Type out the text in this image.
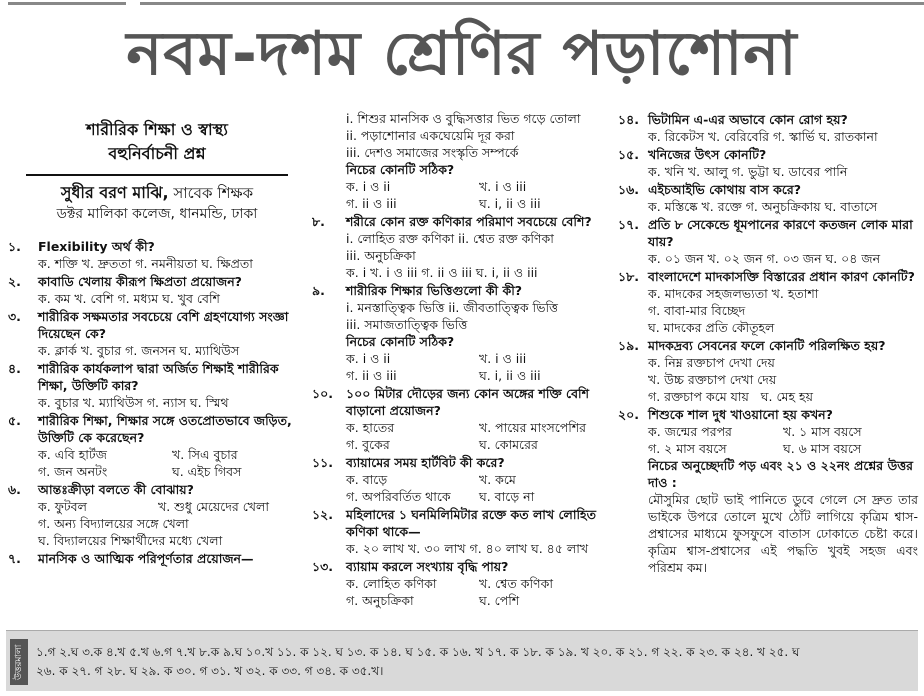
নবম-দশম শ্রেণির পড়াশোনা
শারীরিক শিক্ষা ও স্বাস্থ্য
বহুনির্বাচনী প্রশ্ন
সুধীর বরণ মাঝি, সাবেক শিক্ষক
ডক্টর মালিকা কলেজ, ধানমন্ডি, ঢাকা
১.	Flexibility অর্থ কী?
ক. শক্তি খ. দ্রুততা গ. নমনীয়তা ঘ. ক্ষিপ্রতা
২.	কাবাডি খেলায় কীরূপ ক্ষিপ্রতা প্রয়োজন?
ক. কম খ. বেশি গ. মধ্যম ঘ. খুব বেশি
৩.	শারীরিক সক্ষমতার সবচেয়ে বেশি গ্রহণযোগ্য সংজ্ঞা দিয়েছেন কে?
ক. ক্লার্ক খ. বুচার গ. জনসন ঘ. ম্যাথিউস
৪.	শারীরিক কার্যকলাপ দ্বারা অর্জিত শিক্ষাই শারীরিক শিক্ষা, উক্তিটি কার?
ক. বুচার খ. ম্যাথিউস গ. ন্যাস ঘ. স্মিথ
৫.	শারীরিক শিক্ষা, শিক্ষার সঙ্গে ওতপ্রোতভাবে জড়িত, উক্তিটি কে করেছেন?
ক. এবি হার্টজ	খ. সিএ বুচার
গ. জন অনটং	ঘ. এইচ গিবস
৬.	আন্তঃক্রীড়া বলতে কী বোঝায়?
ক. ফুটবল	খ. শুধু মেয়েদের খেলা
গ. অন্য বিদ্যালয়ের সঙ্গে খেলা
ঘ. বিদ্যালয়ের শিক্ষার্থীদের মধ্যে খেলা
৭.	মানসিক ও আত্মিক পরিপূর্ণতার প্রয়োজন—
i. শিশুর মানসিক ও বুদ্ধিসত্তার ভিত গড়ে তোলা
ii. পড়াশোনার একঘেয়েমি দূর করা
iii. দেশও সমাজের সংস্কৃতি সম্পর্কে
নিচের কোনটি সঠিক?
ক. i ও ii	খ. i ও iii
গ. ii ও iii	ঘ. i, ii ও iii
৮.	শরীরে কোন রক্ত কণিকার পরিমাণ সবচেয়ে বেশি?
i. লোহিত রক্ত কণিকা ii. শ্বেত রক্ত কণিকা
iii. অনুচক্রিকা
ক. i খ. i ও iii গ. ii ও iii ঘ. i, ii ও iii
৯.	শারীরিক শিক্ষার ভিত্তিগুলো কী কী?
i. মনস্তাত্ত্বিক ভিত্তি ii. জীবতাত্ত্বিক ভিত্তি
iii. সমাজতাত্ত্বিক ভিত্তি
নিচের কোনটি সঠিক?
ক. i ও ii	খ. i ও iii
গ. ii ও iii	ঘ. i, ii ও iii
১০.	১০০ মিটার দৌড়ের জন্য কোন অঙ্গের শক্তি বেশি বাড়ানো প্রয়োজন?
ক. হাতের	খ. পায়ের মাংসপেশির
গ. বুকের	ঘ. কোমরের
১১.	ব্যায়ামের সময় হার্টবিট কী করে?
ক. বাড়ে	খ. কমে
গ. অপরিবর্তিত থাকে	ঘ. বাড়ে না
১২.	মহিলাদের ১ ঘনমিলিমিটার রক্তে কত লাখ লোহিত কণিকা থাকে—
ক. ২০ লাখ খ. ৩০ লাখ গ. ৪০ লাখ ঘ. ৪৫ লাখ
১৩.	ব্যায়াম করলে সংখ্যায় বৃদ্ধি পায়?
ক. লোহিত কণিকা	খ. শ্বেত কণিকা
গ. অনুচক্রিকা	ঘ. পেশি
১৪. ভিটামিন এ-এর অভাবে কোন রোগ হয়?
ক. রিকেটস খ. বেরিবেরি গ. স্কার্ভি ঘ. রাতকানা
১৫. খনিজের উৎস কোনটি?
ক. খনি খ. আলু গ. ভুট্টা ঘ. ডাবের পানি
১৬. এইচআইভি কোথায় বাস করে?
ক. মস্তিষ্কে খ. রক্তে গ. অনুচক্রিকায় ঘ. বাতাসে
১৭. প্রতি ৮ সেকেন্ডে ধূমপানের কারণে কতজন লোক মারা যায়?
ক. ০১ জন খ. ০২ জন গ. ০৩ জন ঘ. ০৪ জন
১৮. বাংলাদেশে মাদকাসক্তি বিস্তারের প্রধান কারণ কোনটি?
ক. মাদকের সহজলভ্যতা খ. হতাশা
গ. বাবা-মার বিচ্ছেদ
ঘ. মাদকের প্রতি কৌতূহল
১৯. মাদকদ্রব্য সেবনের ফলে কোনটি পরিলক্ষিত হয়?
ক. নিম্ন রক্তচাপ দেখা দেয়
খ. উচ্চ রক্তচাপ দেখা দেয়
গ. রক্তচাপ কমে যায়   ঘ. মেহ হয়
২০. শিশুকে শাল দুধ খাওয়ানো হয় কখন?
ক. জন্মের পরপর	খ. ১ মাস বয়সে
গ. ২ মাস বয়সে	ঘ. ৬ মাস বয়সে
নিচের অনুচ্ছেদটি পড় এবং ২১ ও ২২নং প্রশ্নের উত্তর দাও :
মৌসুমির ছোট ভাই পানিতে ডুবে গেলে সে দ্রুত তার ভাইকে উপরে তোলে মুখে ঠোঁট লাগিয়ে কৃত্রিম শ্বাস-প্রশ্বাসের মাধ্যমে ফুসফুসে বাতাস ঢোকাতে চেষ্টা করে। কৃত্রিম শ্বাস-প্রশ্বাসের এই পদ্ধতি খুবই সহজ এবং পরিশ্রম কম।
উত্তরমালা	১.গ ২.ঘ ৩.ক ৪.খ ৫.খ ৬.গ ৭.খ ৮.ক ৯.ঘ ১০.খ ১১. ক ১২. ঘ ১৩. ক ১৪. ঘ ১৫. ক ১৬. খ ১৭. ক ১৮. ক ১৯. খ ২০. ক ২১. গ ২২. ক ২৩. ক ২৪. খ ২৫. ঘ
২৬. ক ২৭. গ ২৮. ঘ ২৯. ক ৩০. গ ৩১. খ ৩২. ক ৩৩. গ ৩৪. ক ৩৫.খ।
